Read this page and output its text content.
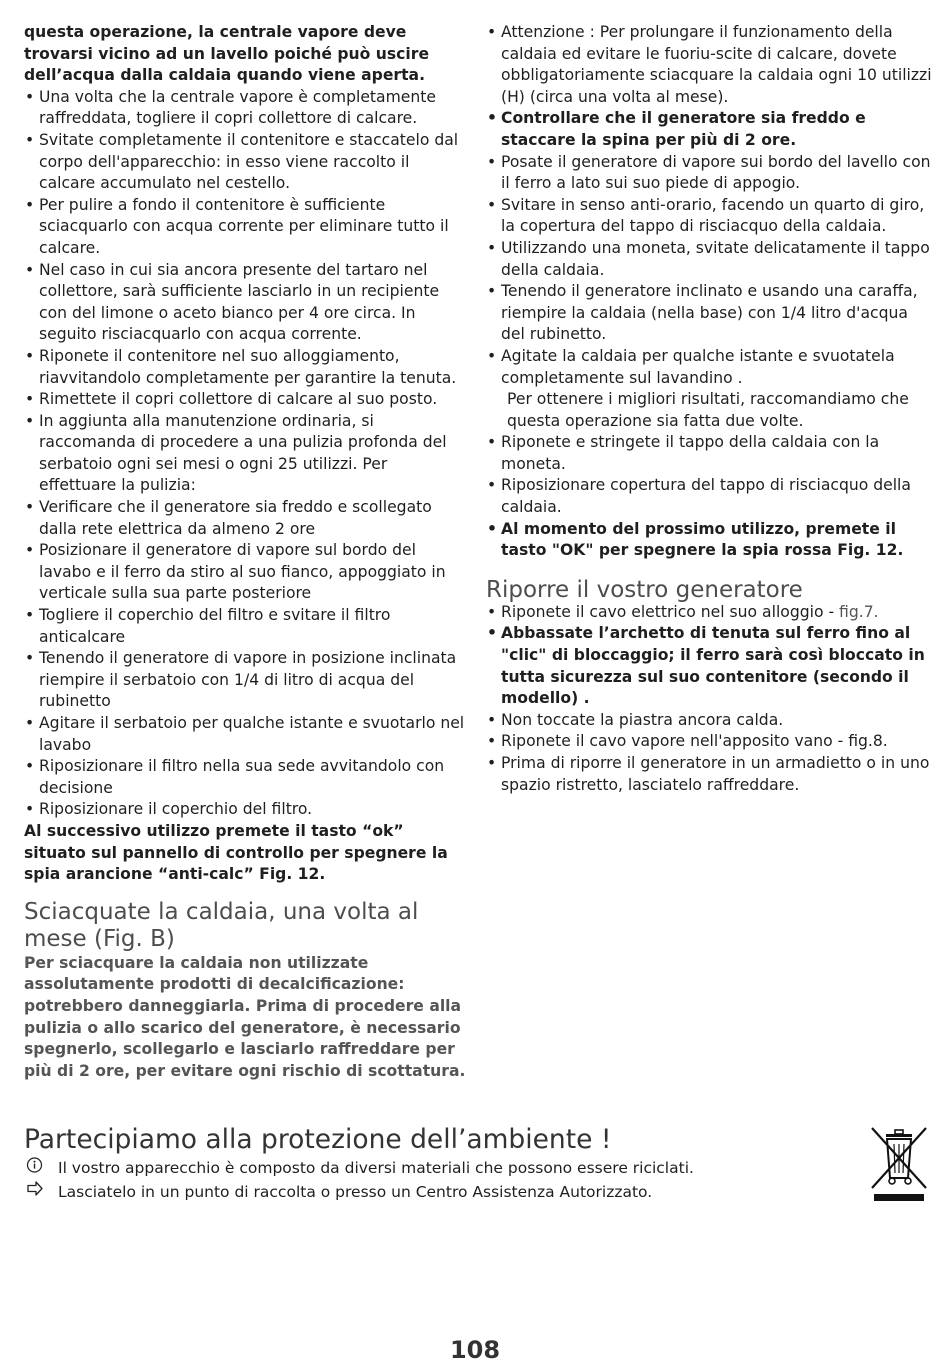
questa operazione, la centrale vapore deve trovarsi vicino ad un lavello poiché può uscire dell’acqua dalla caldaia quando viene aperta.
• Una volta che la centrale vapore è completamente raffreddata, togliere il copri collettore di calcare.
• Svitate completamente il contenitore e staccatelo dal corpo dell'apparecchio: in esso viene raccolto il calcare accumulato nel cestello.
• Per pulire a fondo il contenitore è sufficiente sciacquarlo con acqua corrente per eliminare tutto il calcare.
• Nel caso in cui sia ancora presente del tartaro nel collettore, sarà sufficiente lasciarlo in un recipiente con del limone o aceto bianco per 4 ore circa. In seguito risciacquarlo con acqua corrente.
• Riponete il contenitore nel suo alloggiamento, riavvitandolo completamente per garantire la tenuta.
• Rimettete il copri collettore di calcare al suo posto.
• In aggiunta alla manutenzione ordinaria, si raccomanda di procedere a una pulizia profonda del serbatoio ogni sei mesi o ogni 25 utilizzi. Per effettuare la pulizia:
• Verificare che il generatore sia freddo e scollegato dalla rete elettrica da almeno 2 ore
• Posizionare il generatore di vapore sul bordo del lavabo e il ferro da stiro al suo fianco, appoggiato in verticale sulla sua parte posteriore
• Togliere il coperchio del filtro e svitare il filtro anticalcare
• Tenendo il generatore di vapore in posizione inclinata riempire il serbatoio con 1/4 di litro di acqua del rubinetto
• Agitare il serbatoio per qualche istante e svuotarlo nel lavabo
• Riposizionare il filtro nella sua sede avvitandolo con decisione
• Riposizionare il coperchio del filtro.
Al successivo utilizzo premete il tasto “ok” situato sul pannello di controllo per spegnere la spia arancione “anti-calc” Fig. 12.
Sciacquate la caldaia, una volta al mese (Fig. B)
Per sciacquare la caldaia non utilizzate assolutamente prodotti di decalcificazione: potrebbero danneggiarla. Prima di procedere alla pulizia o allo scarico del generatore, è necessario spegnerlo, scollegarlo e lasciarlo raffreddare per più di 2 ore, per evitare ogni rischio di scottatura.
• Attenzione : Per prolungare il funzionamento della caldaia ed evitare le fuoriu-scite di calcare, dovete obbligatoriamente sciacquare la caldaia ogni 10 utilizzi (H) (circa una volta al mese).
• Controllare che il generatore sia freddo e staccare la spina per più di 2 ore.
• Posate il generatore di vapore sui bordo del lavello con il ferro a lato sui suo piede di appogio.
• Svitare in senso anti-orario, facendo un quarto di giro, la copertura del tappo di risciacquo della caldaia.
• Utilizzando una moneta, svitate delicatamente il tappo della caldaia.
• Tenendo il generatore inclinato e usando una caraffa, riempire la caldaia (nella base) con 1/4 litro d'acqua del rubinetto.
• Agitate la caldaia per qualche istante e svuotatela completamente sul lavandino .
Per ottenere i migliori risultati, raccomandiamo che questa operazione sia fatta due volte.
• Riponete e stringete il tappo della caldaia con la moneta.
• Riposizionare copertura del tappo di risciacquo della caldaia.
• Al momento del prossimo utilizzo, premete il tasto "OK" per spegnere la spia rossa Fig. 12.
Riporre il vostro generatore
• Riponete il cavo elettrico nel suo alloggio - fig.7.
• Abbassate l’archetto di tenuta sul ferro fino al "clic" di bloccaggio; il ferro sarà così bloccato in tutta sicurezza sul suo contenitore (secondo il modello) .
• Non toccate la piastra ancora calda.
• Riponete il cavo vapore nell'apposito vano - fig.8.
• Prima di riporre il generatore in un armadietto o in uno spazio ristretto, lasciatelo raffreddare.
Partecipiamo alla protezione dell’ambiente !
Il vostro apparecchio è composto da diversi materiali che possono essere riciclati.
Lasciatelo in un punto di raccolta o presso un Centro Assistenza Autorizzato.
108
